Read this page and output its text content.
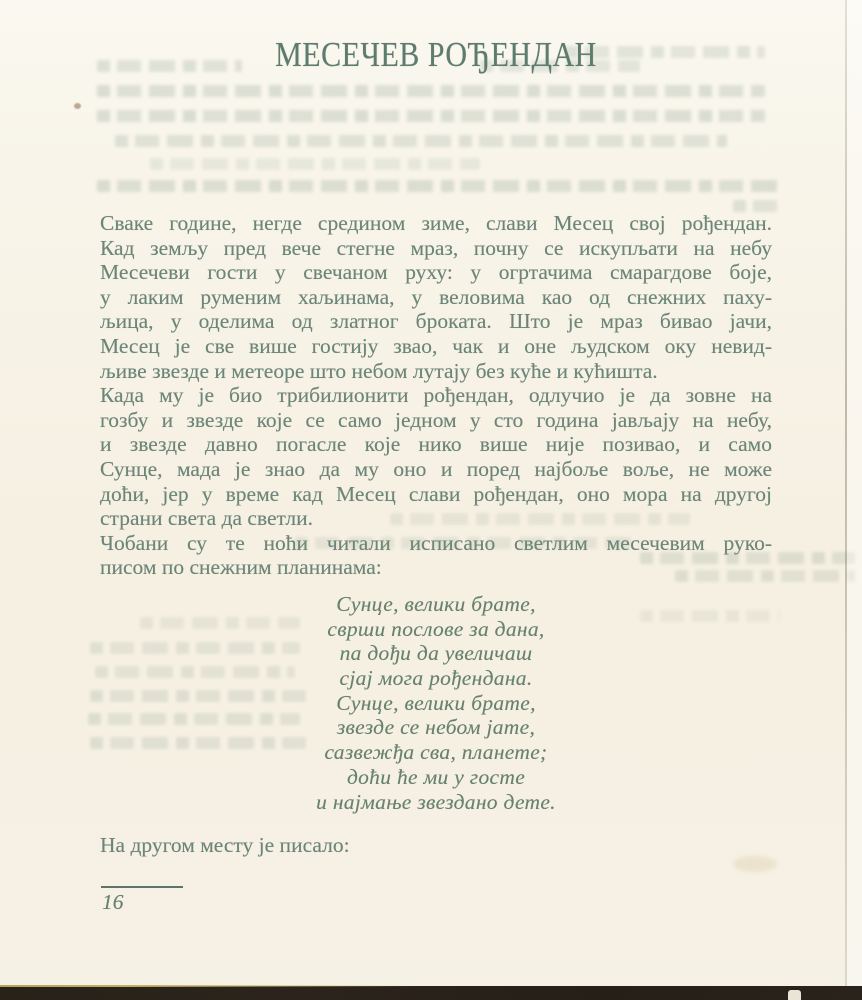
МЕСЕЧЕВ РОЂЕНДАН
Сваке године, негде средином зиме, слави Месец свој рођендан.
Кад земљу пред вече стегне мраз, почну се искупљати на небу
Месечеви гости у свечаном руху: у огртачима смарагдове боје,
у лаким руменим хаљинама, у веловима као од снежних паху-
љица, у оделима од златног броката. Што је мраз бивао јачи,
Месец је све више гостију звао, чак и оне људском оку невид-
љиве звезде и метеоре што небом лутају без куће и кућишта.
Када му је био трибилионити рођендан, одлучио је да зовне на
гозбу и звезде које се само једном у сто година јављају на небу,
и звезде давно погасле које нико више није позивао, и само
Сунце, мада је знао да му оно и поред најбоље воље, не може
доћи, јер у време кад Месец слави рођендан, оно мора на другој
страни света да светли.
Чобани су те ноћи читали исписано светлим месечевим руко-
писом по снежним планинама:
Сунце, велики брате,
сврши послове за дана,
па дођи да увеличаш
сјај мога рођендана.
Сунце, велики брате,
звезде се небом јате,
сазвежђа сва, планете;
доћи ће ми у госте
и најмање звездано дете.
На другом месту је писало:
16
